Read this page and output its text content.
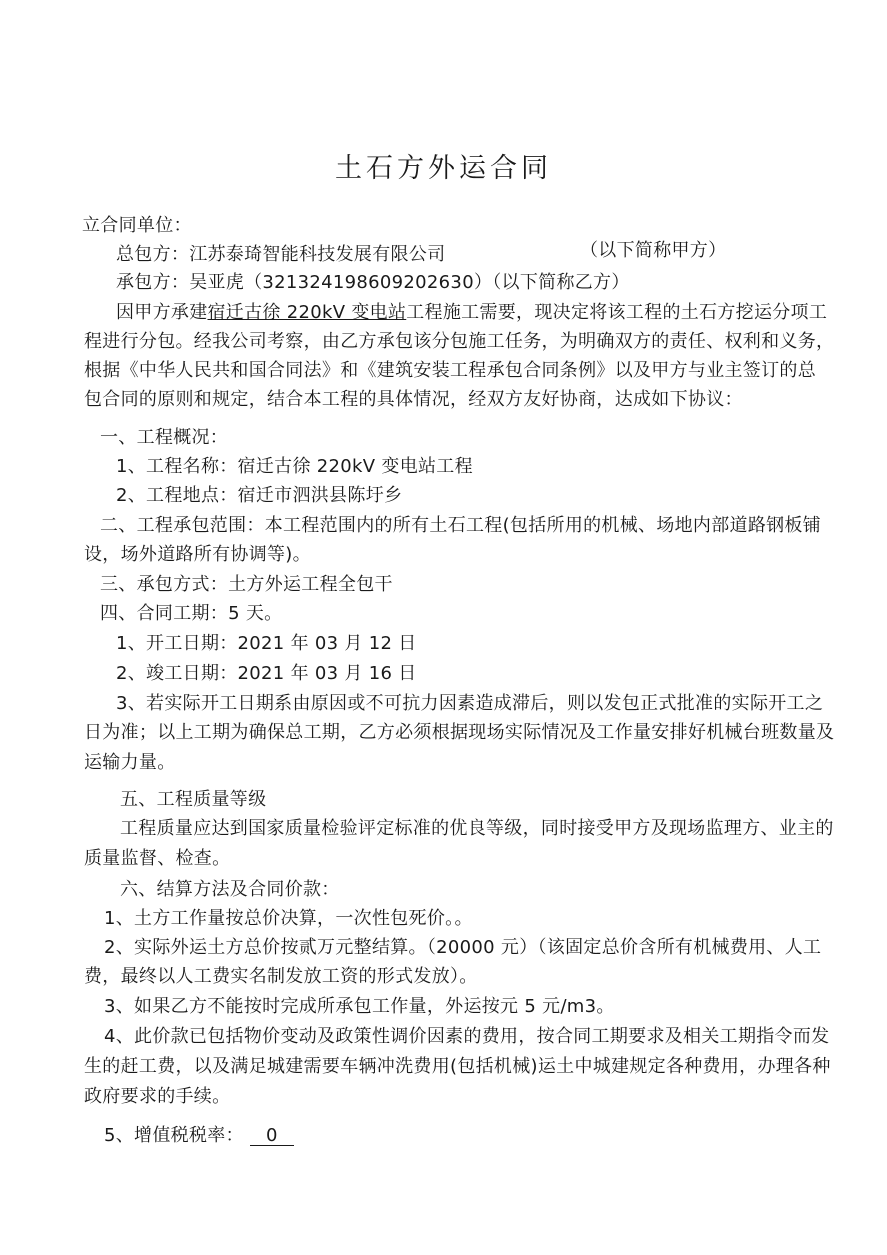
土石方外运合同
立合同单位：
总包方：江苏泰琦智能科技发展有限公司	（以下简称甲方）
承包方：吴亚虎（321324198609202630）（以下简称乙方）
因甲方承建宿迁古徐 220kV 变电站工程施工需要，现决定将该工程的土石方挖运分项工
程进行分包。经我公司考察，由乙方承包该分包施工任务，为明确双方的责任、权利和义务，
根据《中华人民共和国合同法》和《建筑安装工程承包合同条例》以及甲方与业主签订的总
包合同的原则和规定，结合本工程的具体情况，经双方友好协商，达成如下协议：
一、工程概况：
1、工程名称：宿迁古徐 220kV 变电站工程
2、工程地点：宿迁市泗洪县陈圩乡
二、工程承包范围：本工程范围内的所有土石工程(包括所用的机械、场地内部道路钢板铺
设，场外道路所有协调等)。
三、承包方式：土方外运工程全包干
四、合同工期：5 天。
1、开工日期：2021 年 03 月 12 日
2、竣工日期：2021 年 03 月 16 日
3、若实际开工日期系由原因或不可抗力因素造成滞后，则以发包正式批准的实际开工之
日为准；以上工期为确保总工期，乙方必须根据现场实际情况及工作量安排好机械台班数量及
运输力量。
五、工程质量等级
工程质量应达到国家质量检验评定标准的优良等级，同时接受甲方及现场监理方、业主的
质量监督、检查。
六、结算方法及合同价款：
1、土方工作量按总价决算，一次性包死价。。
2、实际外运土方总价按贰万元整结算。（20000 元）（该固定总价含所有机械费用、人工
费，最终以人工费实名制发放工资的形式发放）。
3、如果乙方不能按时完成所承包工作量，外运按元 5 元/m3。
4、此价款已包括物价变动及政策性调价因素的费用，按合同工期要求及相关工期指令而发
生的赶工费，以及满足城建需要车辆冲洗费用(包括机械)运土中城建规定各种费用，办理各种
政府要求的手续。
5、增值税税率： 0
